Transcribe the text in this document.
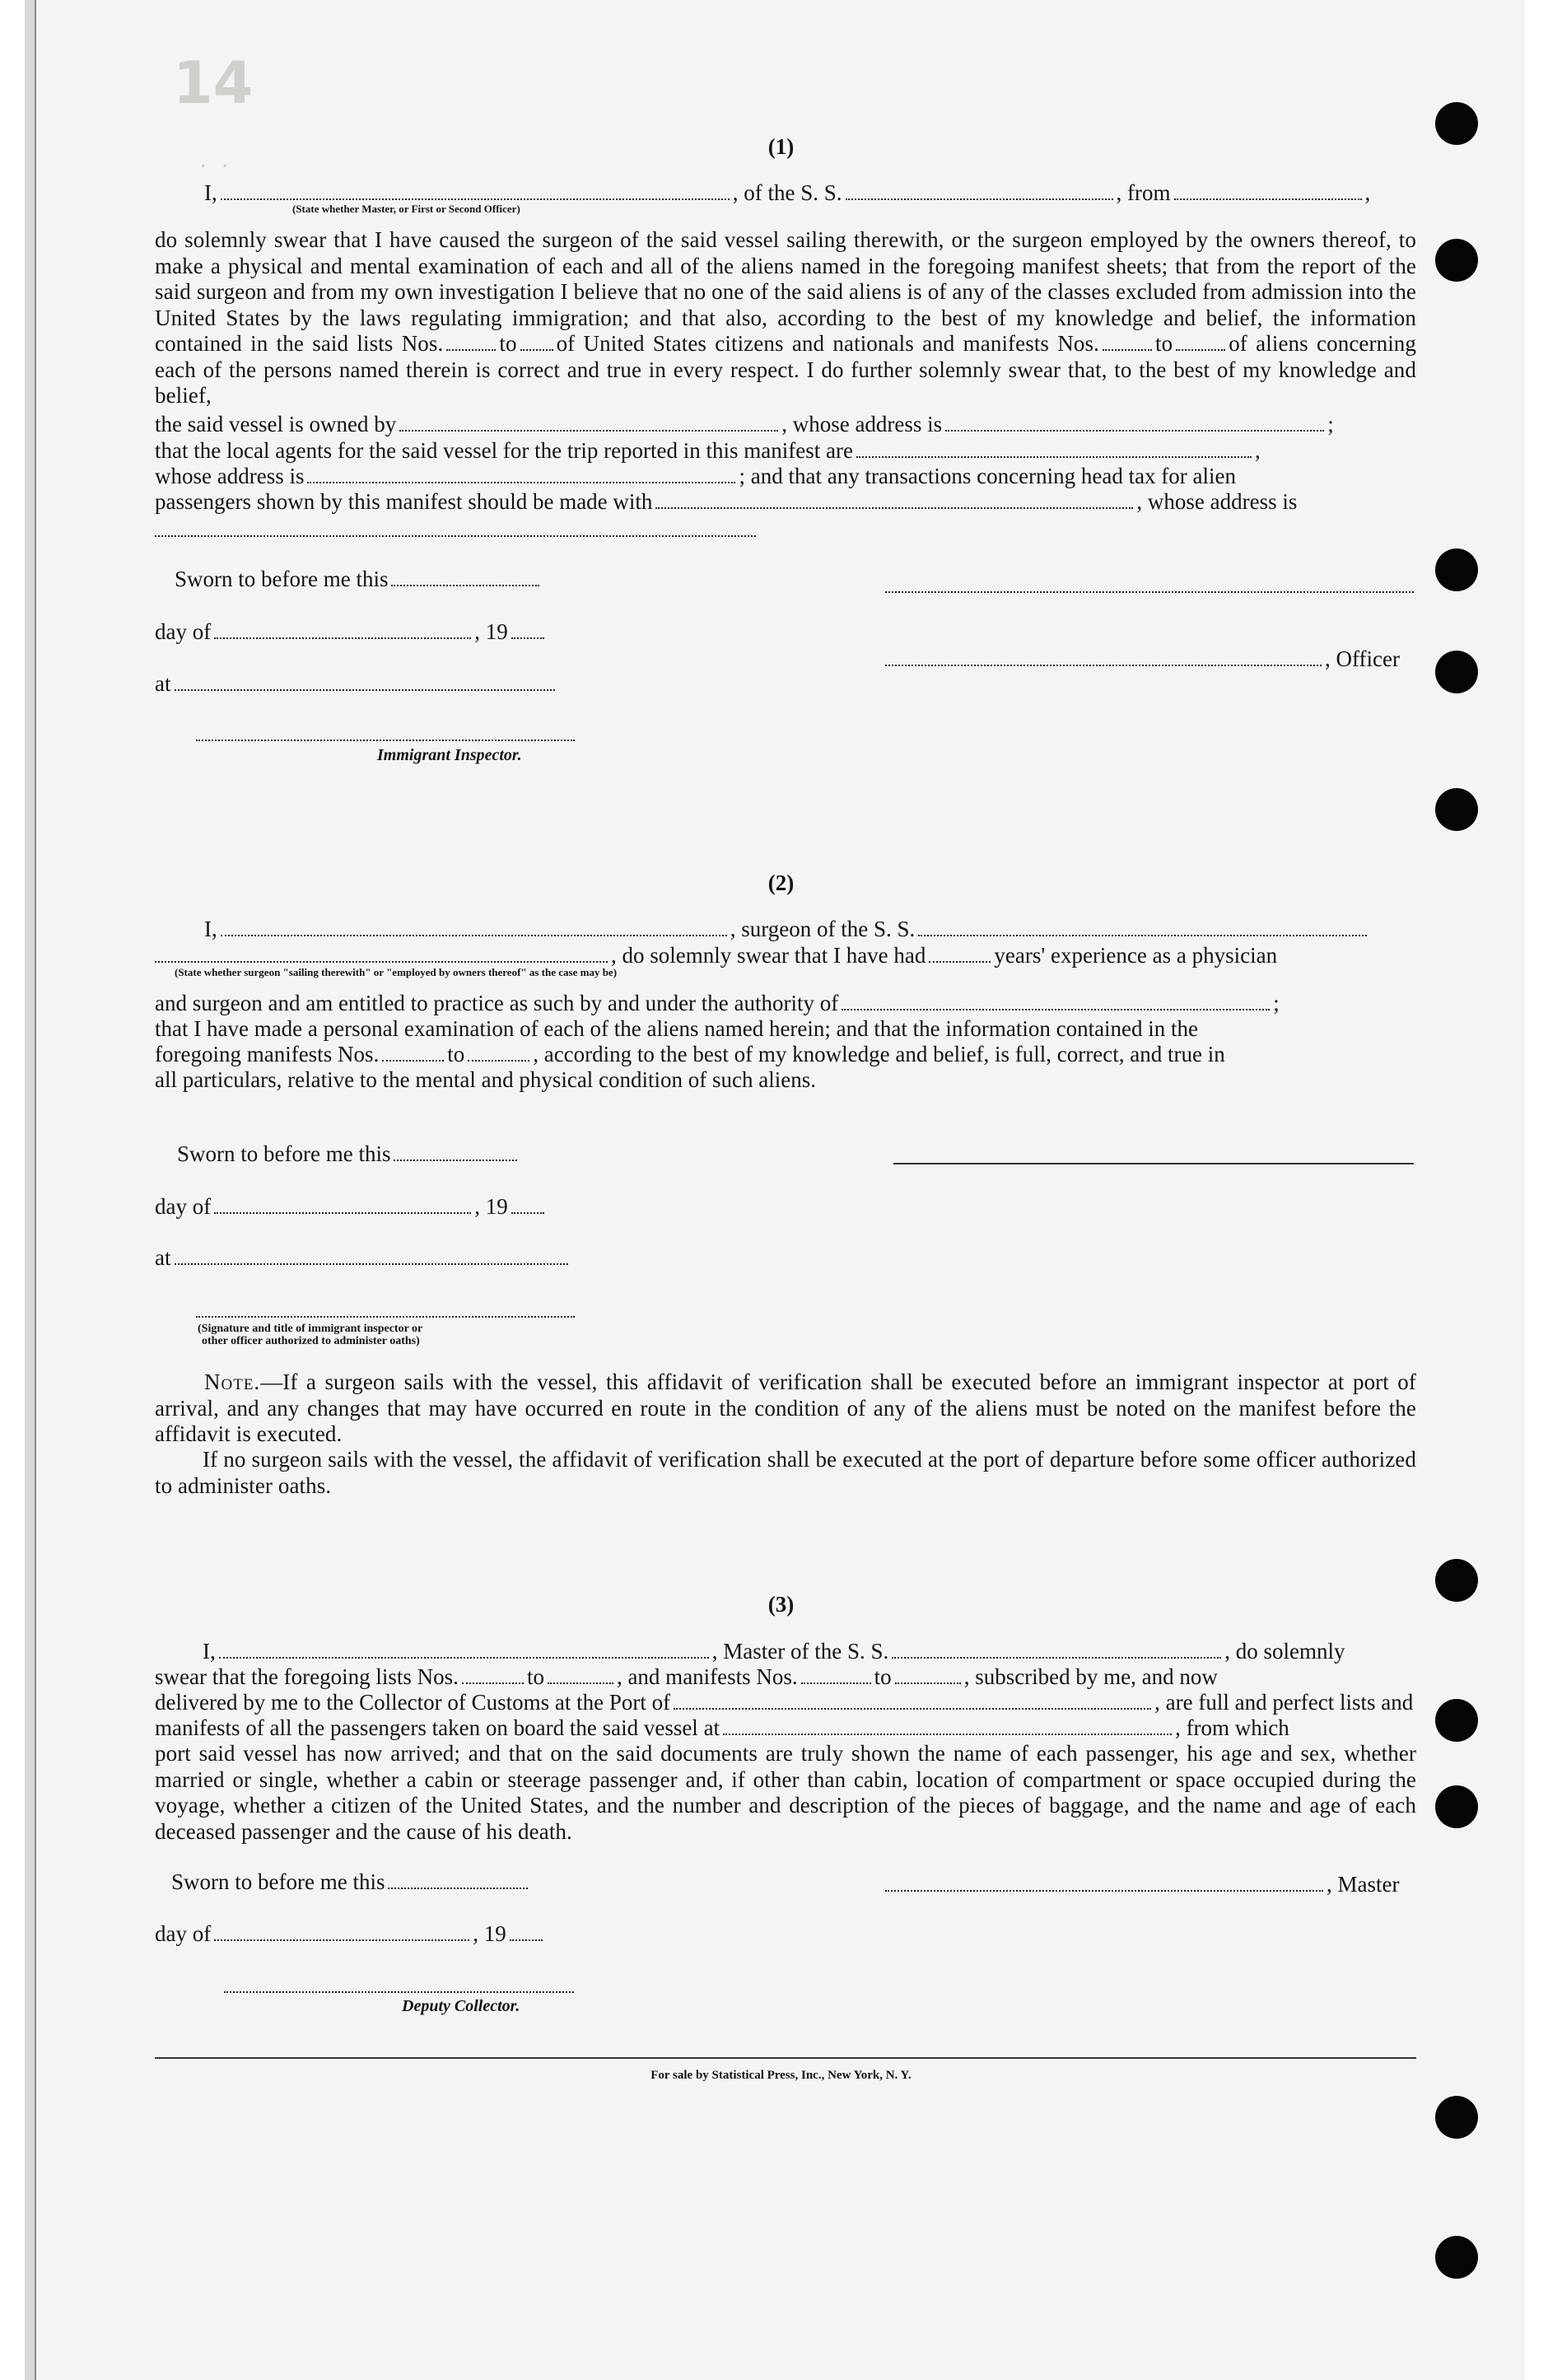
14
· ·
(1)
I,	, of the S. S.	, from	,
(State whether Master, or First or Second Officer)

do solemnly swear that I have caused the surgeon of the said vessel sailing therewith, or the surgeon employed by the owners thereof, to make a physical and mental examination of each and all of the aliens named in the foregoing manifest sheets; that from the report of the said surgeon and from my own investigation I believe that no one of the said aliens is of any of the classes excluded from admission into the United States by the laws regulating immigration; and that also, according to the best of my knowledge and belief, the information contained in the said lists Nos.	to of United States citizens and nationals and manifests Nos.	to	of aliens concerning each of the persons named therein is correct and true in every respect. I do further solemnly swear that, to the best of my knowledge and belief,

the said vessel is owned by	, whose address is	;
that the local agents for the said vessel for the trip reported in this manifest are	,
whose address is	; and that any transactions concerning head tax for alien
passengers shown by this manifest should be made with	, whose address is
Sworn to before me this
day of	, 19
, Officer
at
Immigrant Inspector.
(2)
I,	, surgeon of the S. S.
, do solemnly swear that I have had	years' experience as a physician
(State whether surgeon "sailing therewith" or "employed by owners thereof" as the case may be)
and surgeon and am entitled to practice as such by and under the authority of	;
that I have made a personal examination of each of the aliens named herein; and that the information contained in the
foregoing manifests Nos.	to	, according to the best of my knowledge and belief, is full, correct, and true in
all particulars, relative to the mental and physical condition of such aliens.
Sworn to before me this
day of	, 19
at
(Signature and title of immigrant inspector or
other officer authorized to administer oaths)

Note.—If a surgeon sails with the vessel, this affidavit of verification shall be executed before an immigrant inspector at port of arrival, and any changes that may have occurred en route in the condition of any of the aliens must be noted on the manifest before the affidavit is executed.

If no surgeon sails with the vessel, the affidavit of verification shall be executed at the port of departure before some officer authorized to administer oaths.

(3)
I,	, Master of the S. S.	, do solemnly
swear that the foregoing lists Nos.	to	, and manifests Nos.	to	, subscribed by me, and now
delivered by me to the Collector of Customs at the Port of	, are full and perfect lists and
manifests of all the passengers taken on board the said vessel at	, from which

port said vessel has now arrived; and that on the said documents are truly shown the name of each passenger, his age and sex, whether married or single, whether a cabin or steerage passenger and, if other than cabin, location of compartment or space occupied during the voyage, whether a citizen of the United States, and the number and description of the pieces of baggage, and the name and age of each deceased passenger and the cause of his death.

Sworn to before me this	, Master
day of	, 19
Deputy Collector.
For sale by Statistical Press, Inc., New York, N. Y.
